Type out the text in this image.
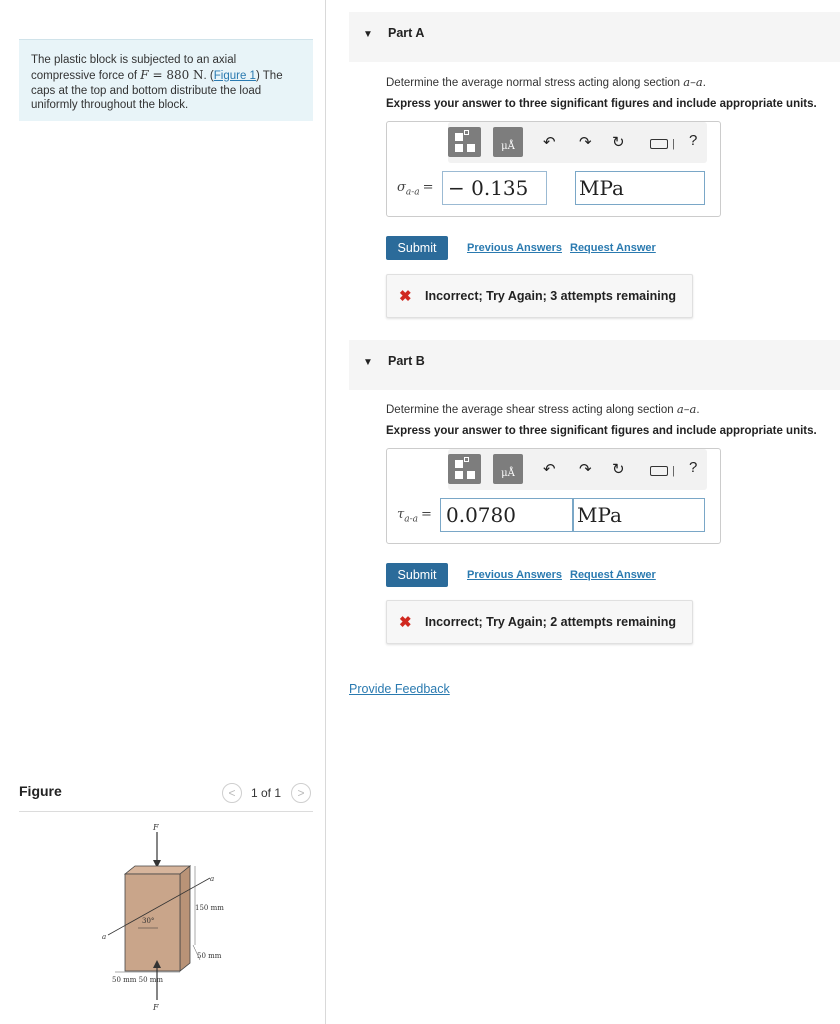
The plastic block is subjected to an axial compressive force of F = 880 N. (Figure 1) The caps at the top and bottom distribute the load uniformly throughout the block.
Figure	<	1 of 1	>
F
a
a
30°
150 mm
50 mm
50 mm 50 mm
F
▼ Part A
Determine the average normal stress acting along section a–a.
Express your answer to three significant figures and include appropriate units.
μÅ	↶ ↷ ↻	| ?
$\sigma_{a-a}$ = − 0.135	MPa
Submit	Previous Answers Request Answer
✖ Incorrect; Try Again; 3 attempts remaining
▼ Part B
Determine the average shear stress acting along section a–a.
Express your answer to three significant figures and include appropriate units.
μÅ	↶ ↷ ↻	| ?
$\tau_{a-a} = 0.0780$	MPa
Submit	Previous Answers Request Answer
✖ Incorrect; Try Again; 2 attempts remaining
Provide Feedback
